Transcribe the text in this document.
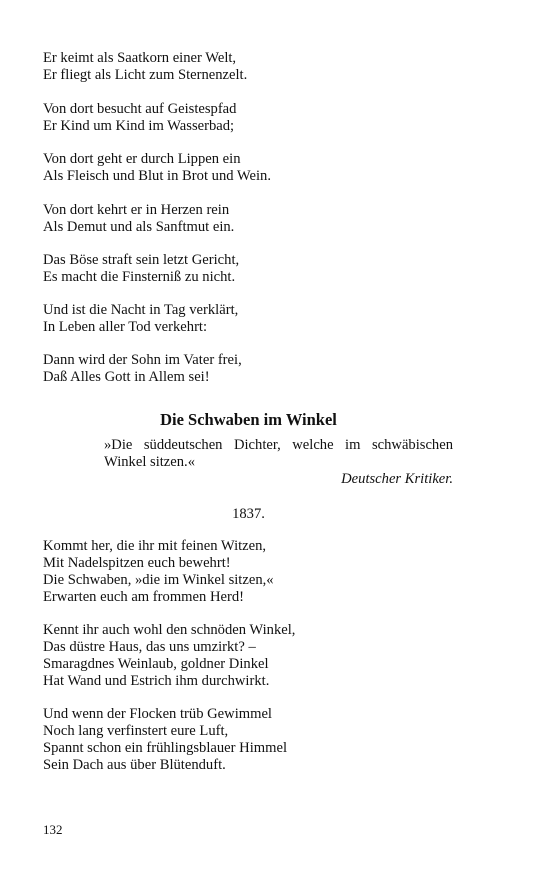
Er keimt als Saatkorn einer Welt,
Er fliegt als Licht zum Sternenzelt.
Von dort besucht auf Geistespfad
Er Kind um Kind im Wasserbad;
Von dort geht er durch Lippen ein
Als Fleisch und Blut in Brot und Wein.
Von dort kehrt er in Herzen rein
Als Demut und als Sanftmut ein.
Das Böse straft sein letzt Gericht,
Es macht die Finsterniß zu nicht.
Und ist die Nacht in Tag verklärt,
In Leben aller Tod verkehrt:
Dann wird der Sohn im Vater frei,
Daß Alles Gott in Allem sei!
Die Schwaben im Winkel
»Die süddeutschen Dichter, welche im schwäbischen
Winkel sitzen.«
Deutscher Kritiker.
1837.
Kommt her, die ihr mit feinen Witzen,
Mit Nadelspitzen euch bewehrt!
Die Schwaben, »die im Winkel sitzen,«
Erwarten euch am frommen Herd!
Kennt ihr auch wohl den schnöden Winkel,
Das düstre Haus, das uns umzirkt? –
Smaragdnes Weinlaub, goldner Dinkel
Hat Wand und Estrich ihm durchwirkt.
Und wenn der Flocken trüb Gewimmel
Noch lang verfinstert eure Luft,
Spannt schon ein frühlingsblauer Himmel
Sein Dach aus über Blütenduft.
132
